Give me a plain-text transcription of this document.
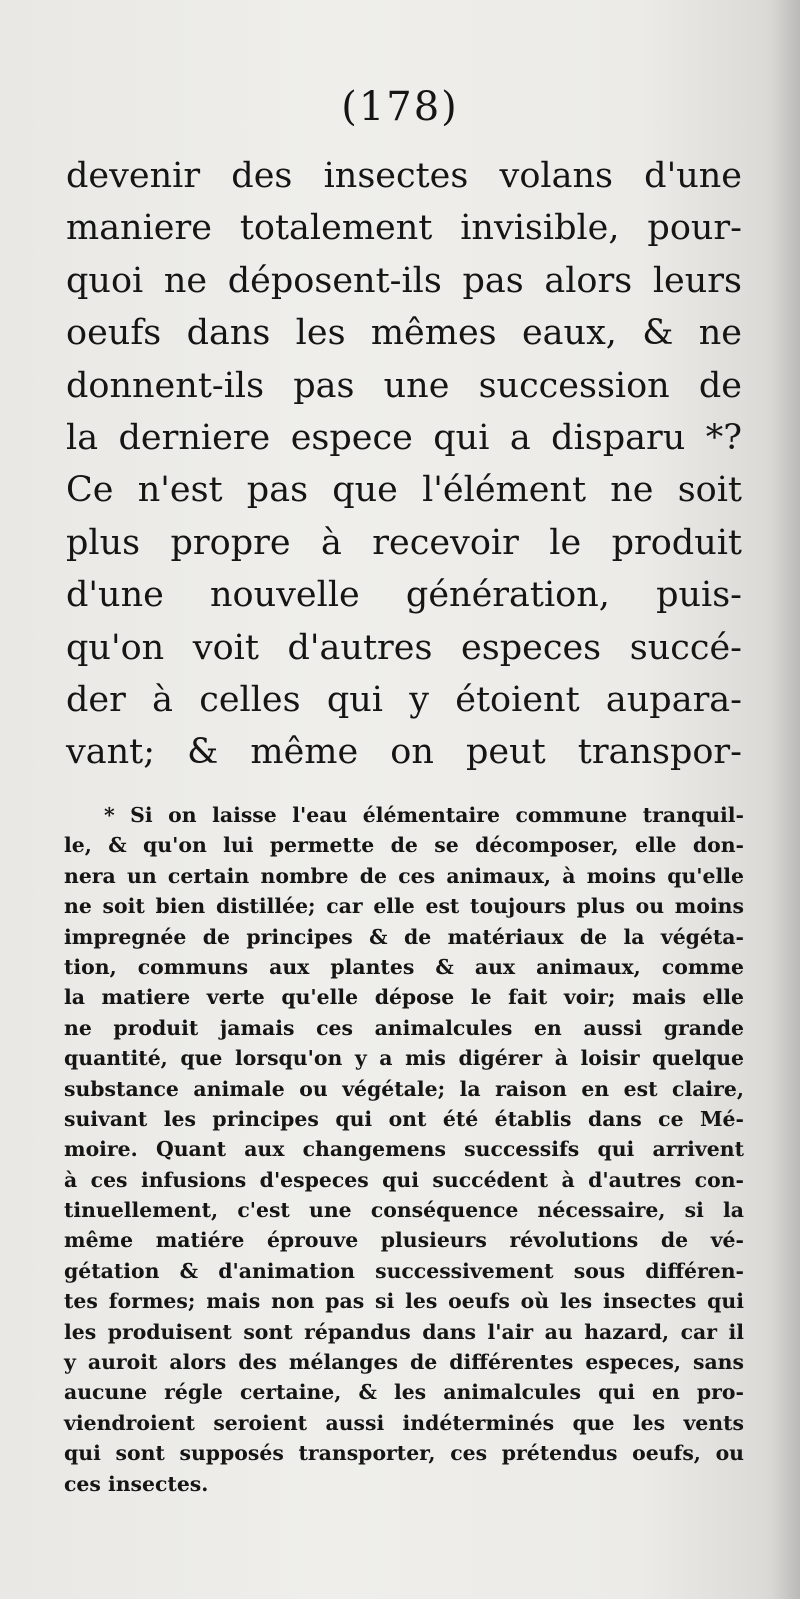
(178)
devenir des insectes volans d'une
maniere totalement invisible, pour-
quoi ne déposent-ils pas alors leurs
oeufs dans les mêmes eaux, & ne
donnent-ils pas une succession de
la derniere espece qui a disparu *?
Ce n'est pas que l'élément ne soit
plus propre à recevoir le produit
d'une nouvelle génération, puis-
qu'on voit d'autres especes succé-
der à celles qui y étoient aupara-
vant; & même on peut transpor-
* Si on laisse l'eau élémentaire commune tranquil-
le, & qu'on lui permette de se décomposer, elle don-
nera un certain nombre de ces animaux, à moins qu'elle
ne soit bien distillée; car elle est toujours plus ou moins
impregnée de principes & de matériaux de la végéta-
tion, communs aux plantes & aux animaux, comme
la matiere verte qu'elle dépose le fait voir; mais elle
ne produit jamais ces animalcules en aussi grande
quantité, que lorsqu'on y a mis digérer à loisir quelque
substance animale ou végétale; la raison en est claire,
suivant les principes qui ont été établis dans ce Mé-
moire. Quant aux changemens successifs qui arrivent
à ces infusions d'especes qui succédent à d'autres con-
tinuellement, c'est une conséquence nécessaire, si la
même matiére éprouve plusieurs révolutions de vé-
gétation & d'animation successivement sous différen-
tes formes; mais non pas si les oeufs où les insectes qui
les produisent sont répandus dans l'air au hazard, car il
y auroit alors des mélanges de différentes especes, sans
aucune régle certaine, & les animalcules qui en pro-
viendroient seroient aussi indéterminés que les vents
qui sont supposés transporter, ces prétendus oeufs, ou
ces insectes.
